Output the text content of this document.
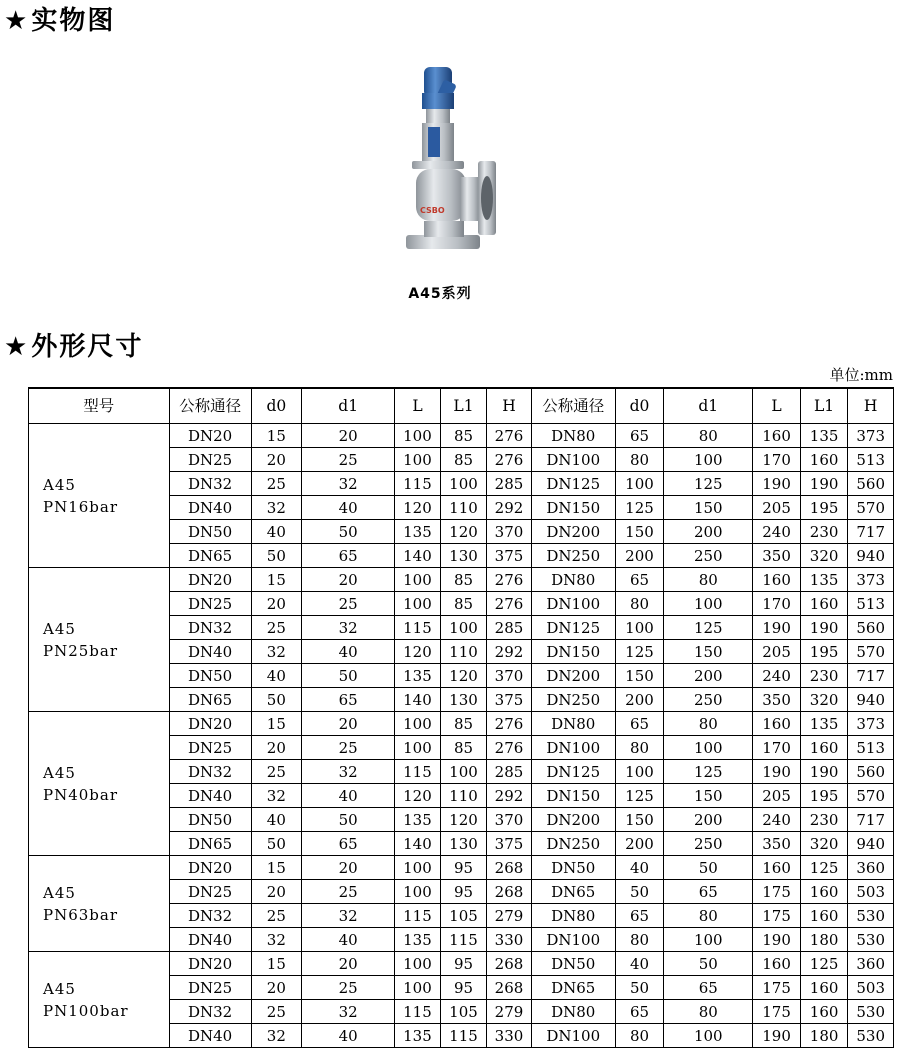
★实物图
CSBO
A45系列
★外形尺寸
单位:mm
型号	公称通径	d0	d1	L	L1	H	公称通径	d0	d1	L	L1	H

A45
PN16bar	DN20	15	20	100	85	276	DN80	65	80	160	135	373
	DN25	20	25	100	85	276	DN100	80	100	170	160	513
	DN32	25	32	115	100	285	DN125	100	125	190	190	560
	DN40	32	40	120	110	292	DN150	125	150	205	195	570
	DN50	40	50	135	120	370	DN200	150	200	240	230	717
	DN65	50	65	140	130	375	DN250	200	250	350	320	940

A45
PN25bar	DN20	15	20	100	85	276	DN80	65	80	160	135	373
	DN25	20	25	100	85	276	DN100	80	100	170	160	513
	DN32	25	32	115	100	285	DN125	100	125	190	190	560
	DN40	32	40	120	110	292	DN150	125	150	205	195	570
	DN50	40	50	135	120	370	DN200	150	200	240	230	717
	DN65	50	65	140	130	375	DN250	200	250	350	320	940

A45
PN40bar	DN20	15	20	100	85	276	DN80	65	80	160	135	373
	DN25	20	25	100	85	276	DN100	80	100	170	160	513
	DN32	25	32	115	100	285	DN125	100	125	190	190	560
	DN40	32	40	120	110	292	DN150	125	150	205	195	570
	DN50	40	50	135	120	370	DN200	150	200	240	230	717
	DN65	50	65	140	130	375	DN250	200	250	350	320	940

A45
PN63bar	DN20	15	20	100	95	268	DN50	40	50	160	125	360
	DN25	20	25	100	95	268	DN65	50	65	175	160	503
	DN32	25	32	115	105	279	DN80	65	80	175	160	530
	DN40	32	40	135	115	330	DN100	80	100	190	180	530

A45
PN100bar	DN20	15	20	100	95	268	DN50	40	50	160	125	360
	DN25	20	25	100	95	268	DN65	50	65	175	160	503
	DN32	25	32	115	105	279	DN80	65	80	175	160	530
	DN40	32	40	135	115	330	DN100	80	100	190	180	530
